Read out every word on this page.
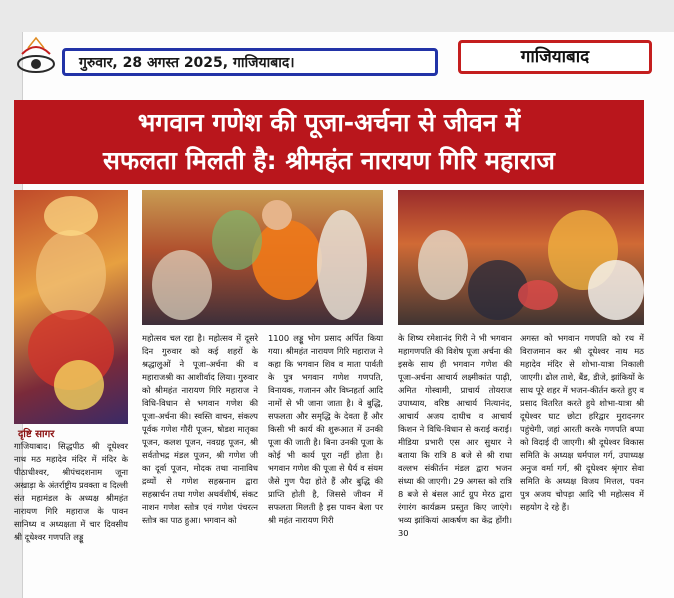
गुरुवार, 28 अगस्त 2025, गाजियाबाद।	गाजियाबाद
भगवान गणेश की पूजा-अर्चना से जीवन में
सफलता मिलती है: श्रीमहंत नारायण गिरि महाराज
दृष्टि सागर

गाजियाबाद। सिद्धपीठ श्री दूधेश्वर नाथ मठ महादेव मंदिर में मंदिर के पीठाधीश्वर, श्रीपंचदशनाम जूना अखाड़ा के अंतर्राष्ट्रीय प्रवक्ता व दिल्ली संत महामंडल के अध्यक्ष श्रीमहंत नारायण गिरि महाराज के पावन सानिध्य व अध्यक्षता में चार दिवसीय श्री दूधेश्वर गणपति लड्डू

महोत्सव चल रहा है। महोत्सव में दूसरे दिन गुरुवार को कई शहरों के श्रद्धालुओं ने पूजा-अर्चना की व महाराजश्री का आशीर्वाद लिया। गुरुवार को श्रीमहंत नारायण गिरि महाराज ने विधि-विधान से भगवान गणेश की पूजा-अर्चना की। स्वस्ति वाचन, संकल्प पूर्वक गणेश गौरी पूजन, षोडश मातृका पूजन, कलश पूजन, नवग्रह पूजन, श्री सर्वतोभद्र मंडल पूजन, श्री गणेश जी का दूर्वा पूजन, मोदक तथा नानाविध द्रव्यों से गणेश सहस्रनाम द्वारा सहस्रार्चन तथा गणेश अथर्वशीर्ष, संकट नाशन गणेश स्तोत्र एवं गणेश पंचरत्न स्तोत्र का पाठ हुआ। भगवान को

1100 लड्डू भोग प्रसाद अर्पित किया गया। श्रीमहंत नारायण गिरि महाराज ने कहा कि भगवान शिव व माता पार्वती के पुत्र भगवान गणेश गणपति, विनायक, गजानन और विघ्नहर्ता आदि नामों से भी जाना जाता है। वे बुद्धि, सफलता और समृद्धि के देवता हैं और किसी भी कार्य की शुरूआत में उनकी पूजा की जाती है। बिना उनकी पूजा के कोई भी कार्य पूरा नहीं होता है। भगवान गणेश की पूजा से धैर्य व संयम जैसे गुण पैदा होते हैं और बुद्धि की प्राप्ति होती है, जिससे जीवन में सफलता मिलती है इस पावन बेला पर श्री महंत नारायण गिरी

के शिष्य रमेशानंद गिरी ने भी भगवान महागणपति की विशेष पूजा अर्चना की इसके साथ ही भगवान गणेश की पूजा-अर्चना आचार्य लक्ष्मीकांत पाढ़ी, अमित गोस्वामी, प्राचार्य तोयराज उपाध्याय, वरिष्ठ आचार्य नित्यानंद, आचार्य अजय दाधीच व आचार्य किशन ने विधि-विधान से कराई कराई। मीडिया प्रभारी एस आर सुथार ने बताया कि रात्रि 8 बजे से श्री राधा वल्लभ संकीर्तन मंडल द्वारा भजन संध्या की जाएगी। 29 अगस्त को रात्रि 8 बजे से बंसल आर्ट ग्रुप मेरठ द्वारा रंगारंग कार्यक्रम प्रस्तुत किए जाएंगे। भव्य झांकियां आकर्षण का केंद्र होंगी। 30

अगस्त को भगवान गणपति को रथ में विराजमान कर श्री दूधेश्वर नाथ मठ महादेव मंदिर से शोभा-यात्रा निकाली जाएगी। ढोल ताशे, बैंड, डीजे, झांकियों के साथ पूरे शहर में भजन-कीर्तन करते हुए व प्रसाद वितरित करते हुये शोभा-यात्रा श्री दूधेश्वर घाट छोटा हरिद्वार मुरादनगर पहुंचेगी, जहां आरती करके गणपति बप्पा को विदाई दी जाएगी। श्री दूधेश्वर विकास समिति के अध्यक्ष धर्मपाल गर्ग, उपाध्यक्ष अनुज वर्मा गर्ग, श्री दूधेश्वर श्रृंगार सेवा समिति के अध्यक्ष विजय मित्तल, पवन पुत्र अजय चोपड़ा आदि भी महोत्सव में सहयोग दे रहे हैं।
